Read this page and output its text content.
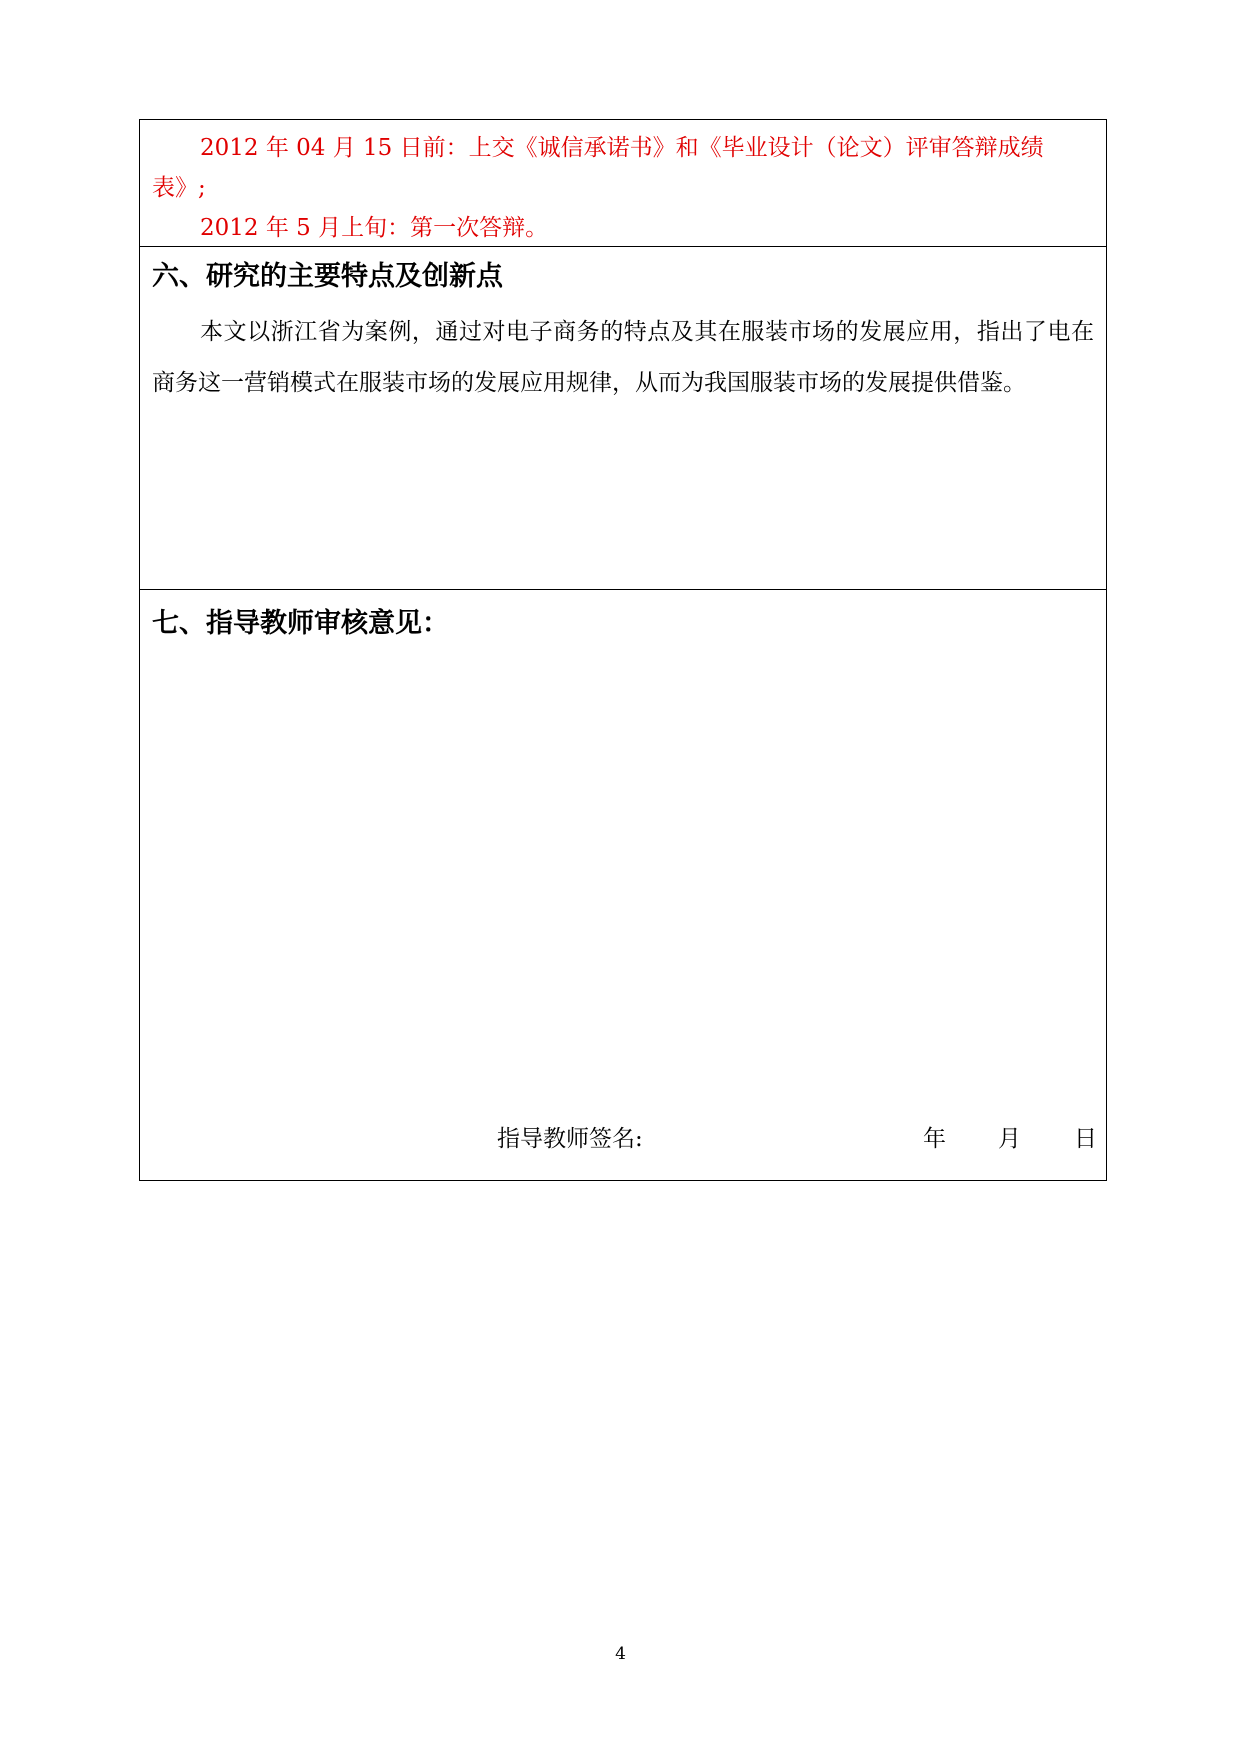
2012 年 04 月 15 日前：上交《诚信承诺书》和《毕业设计（论文）评审答辩成绩表》;

2012 年 5 月上旬：第一次答辩。

六、研究的主要特点及创新点

本文以浙江省为案例，通过对电子商务的特点及其在服装市场的发展应用，指出了电在商务这一营销模式在服装市场的发展应用规律，从而为我国服装市场的发展提供借鉴。

七、指导教师审核意见：
指导教师签名:	年 月 日
4
